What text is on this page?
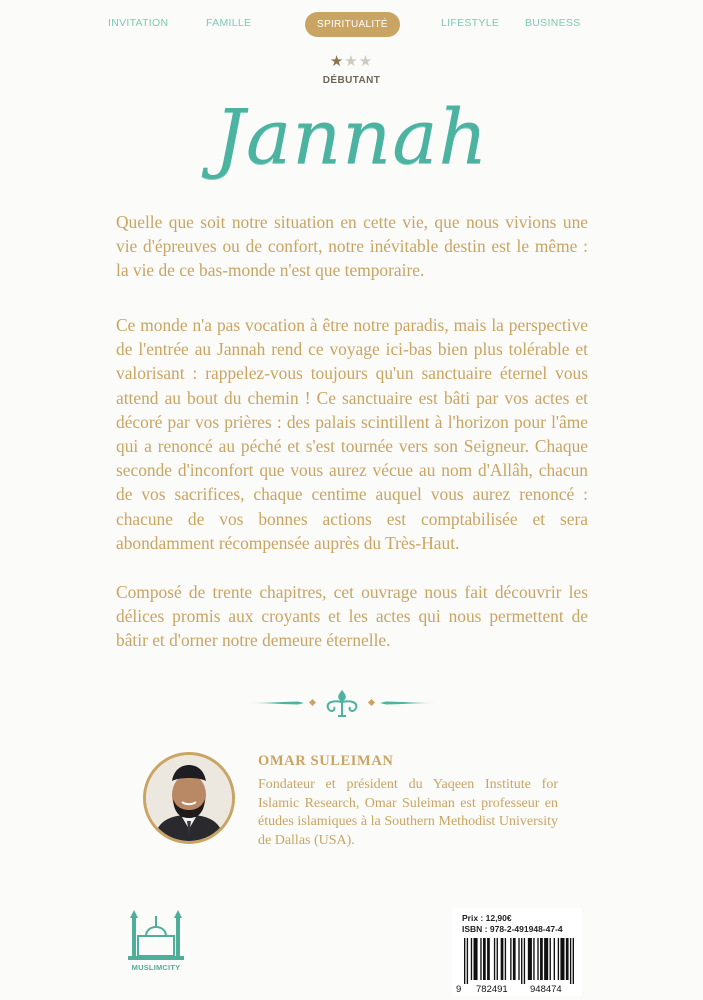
INVITATION	FAMILLE	SPIRITUALITÉ	LIFESTYLE BUSINESS
★★★
DÉBUTANT
Jannah

Quelle que soit notre situation en cette vie, que nous vivions une vie d'épreuves ou de confort, notre inévitable destin est le même : la vie de ce bas-monde n'est que temporaire.

Ce monde n'a pas vocation à être notre paradis, mais la perspective de l'entrée au Jannah rend ce voyage ici-bas bien plus tolérable et valorisant : rappelez-vous toujours qu'un sanctuaire éternel vous attend au bout du chemin ! Ce sanctuaire est bâti par vos actes et décoré par vos prières : des palais scintillent à l'horizon pour l'âme qui a renoncé au péché et s'est tournée vers son Seigneur. Chaque seconde d'inconfort que vous aurez vécue au nom d'Allâh, chacun de vos sacrifices, chaque centime auquel vous aurez renoncé : chacune de vos bonnes actions est comptabilisée et sera abondamment récompensée auprès du Très-Haut.

Composé de trente chapitres, cet ouvrage nous fait découvrir les délices promis aux croyants et les actes qui nous permettent de bâtir et d'orner notre demeure éternelle.

OMAR SULEIMAN

Fondateur et président du Yaqeen Institute for Islamic Research, Omar Suleiman est professeur en études islamiques à la Southern Methodist University de Dallas (USA).

MUSLIMCITY
Prix : 12,90€
ISBN : 978-2-491948-47-4
9 782491 948474
